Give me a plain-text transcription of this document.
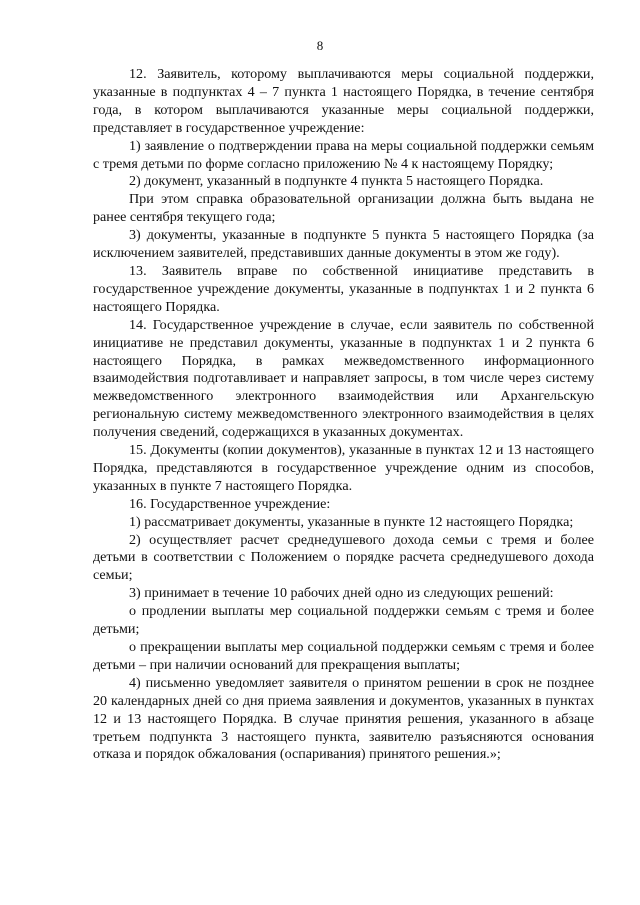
8

12. Заявитель, которому выплачиваются меры социальной поддержки, указанные в подпунктах 4 – 7 пункта 1 настоящего Порядка, в течение сентября года, в котором выплачиваются указанные меры социальной поддержки, представляет в государственное учреждение:

1) заявление о подтверждении права на меры социальной поддержки семьям с тремя детьми по форме согласно приложению № 4 к настоящему Порядку;

2) документ, указанный в подпункте 4 пункта 5 настоящего Порядка.

При этом справка образовательной организации должна быть выдана не ранее сентября текущего года;

3) документы, указанные в подпункте 5 пункта 5 настоящего Порядка (за исключением заявителей, представивших данные документы в этом же году).

13. Заявитель вправе по собственной инициативе представить в государственное учреждение документы, указанные в подпунктах 1 и 2 пункта 6 настоящего Порядка.

14. Государственное учреждение в случае, если заявитель по собственной инициативе не представил документы, указанные в подпунктах 1 и 2 пункта 6 настоящего Порядка, в рамках межведомственного информационного взаимодействия подготавливает и направляет запросы, в том числе через систему межведомственного электронного взаимодействия или Архангельскую региональную систему межведомственного электронного взаимодействия в целях получения сведений, содержащихся в указанных документах.

15. Документы (копии документов), указанные в пунктах 12 и 13 настоящего Порядка, представляются в государственное учреждение одним из способов, указанных в пункте 7 настоящего Порядка.

16. Государственное учреждение:

1) рассматривает документы, указанные в пункте 12 настоящего Порядка;

2) осуществляет расчет среднедушевого дохода семьи с тремя и более детьми в соответствии с Положением о порядке расчета среднедушевого дохода семьи;

3) принимает в течение 10 рабочих дней одно из следующих решений:

о продлении выплаты мер социальной поддержки семьям с тремя и более детьми;

о прекращении выплаты мер социальной поддержки семьям с тремя и более детьми – при наличии оснований для прекращения выплаты;

4) письменно уведомляет заявителя о принятом решении в срок не позднее 20 календарных дней со дня приема заявления и документов, указанных в пунктах 12 и 13 настоящего Порядка. В случае принятия решения, указанного в абзаце третьем подпункта 3 настоящего пункта, заявителю разъясняются основания отказа и порядок обжалования (оспаривания) принятого решения.»;
